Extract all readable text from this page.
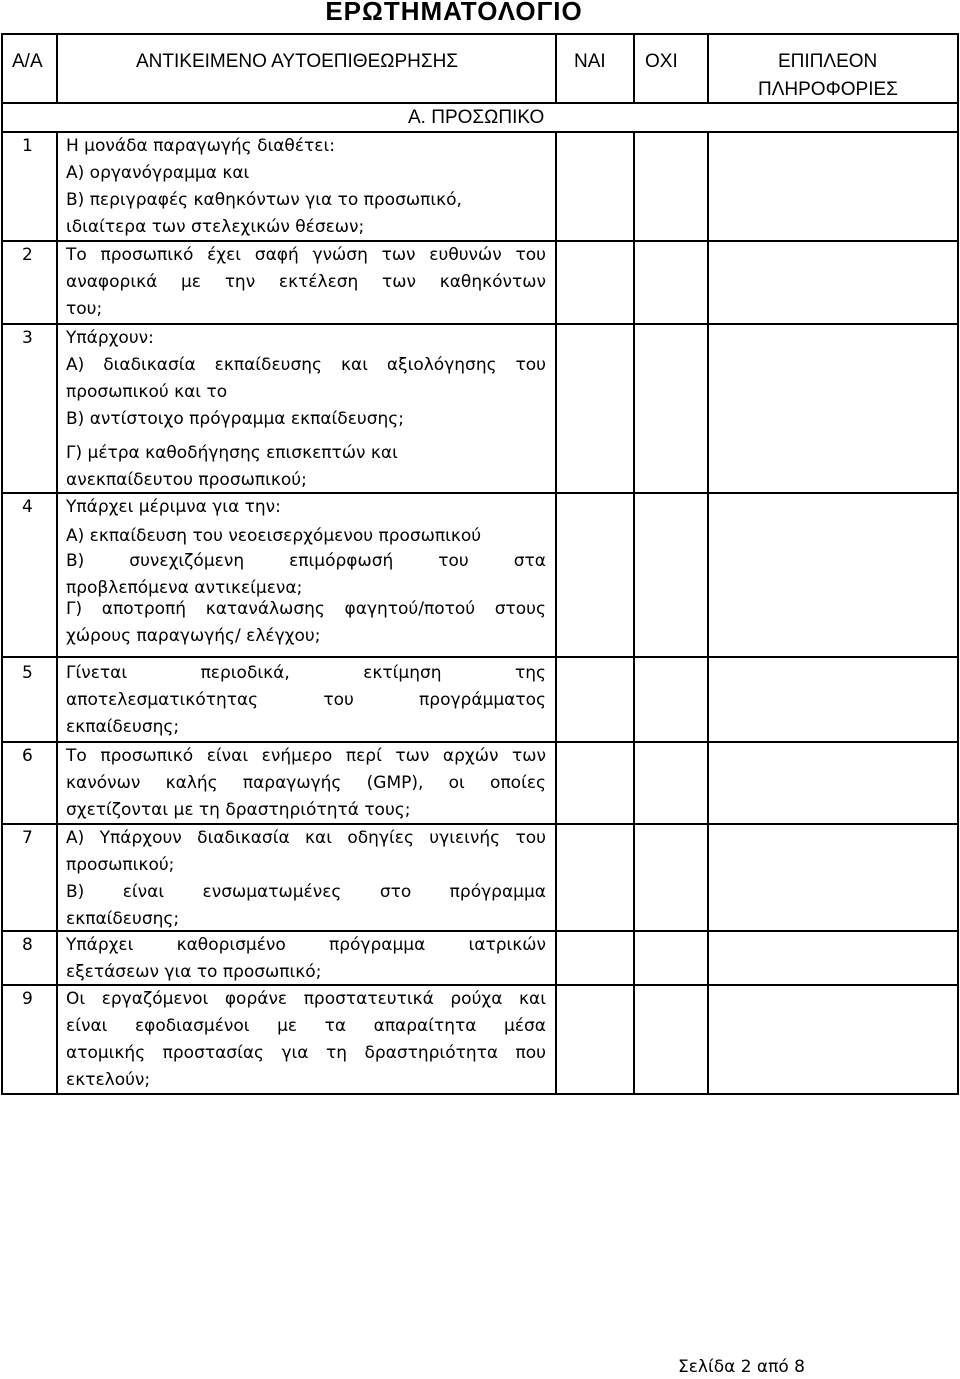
ΕΡΩΤΗΜΑΤΟΛΟΓΙΟ
Α/Α	ΑΝΤΙΚΕΙΜΕΝΟ ΑΥΤΟΕΠΙΘΕΩΡΗΣΗΣ	ΝΑΙ ΟΧΙ	ΕΠΙΠΛΕΟΝ
ΠΛΗΡΟΦΟΡΙΕΣ
Α. ΠΡΟΣΩΠΙΚΟ
1 Η μονάδα παραγωγής διαθέτει:
Α) οργανόγραμμα και
Β) περιγραφές καθηκόντων για το προσωπικό,
ιδιαίτερα των στελεχικών θέσεων;
2 Το προσωπικό έχει σαφή γνώση των ευθυνών του
αναφορικά με την εκτέλεση των καθηκόντων
του;
3 Υπάρχουν:
Α) διαδικασία εκπαίδευσης και αξιολόγησης του
προσωπικού και το
Β) αντίστοιχο πρόγραμμα εκπαίδευσης;
Γ) μέτρα καθοδήγησης επισκεπτών και
ανεκπαίδευτου προσωπικού;
4 Υπάρχει μέριμνα για την:
Α) εκπαίδευση του νεοεισερχόμενου προσωπικού
Β) συνεχιζόμενη επιμόρφωσή του στα
προβλεπόμενα αντικείμενα;
Γ) αποτροπή κατανάλωσης φαγητού/ποτού στους
χώρους παραγωγής/ ελέγχου;
5 Γίνεται περιοδικά, εκτίμηση της
αποτελεσματικότητας του προγράμματος
εκπαίδευσης;
6 Το προσωπικό είναι ενήμερο περί των αρχών των
κανόνων καλής παραγωγής (GMP), οι οποίες
σχετίζονται με τη δραστηριότητά τους;
7 Α) Υπάρχουν διαδικασία και οδηγίες υγιεινής του
προσωπικού;
Β) είναι ενσωματωμένες στο πρόγραμμα
εκπαίδευσης;
8 Υπάρχει καθορισμένο πρόγραμμα ιατρικών
εξετάσεων για το προσωπικό;
9 Οι εργαζόμενοι φοράνε προστατευτικά ρούχα και
είναι εφοδιασμένοι με τα απαραίτητα μέσα
ατομικής προστασίας για τη δραστηριότητα που
εκτελούν;
Σελίδα 2 από 8
